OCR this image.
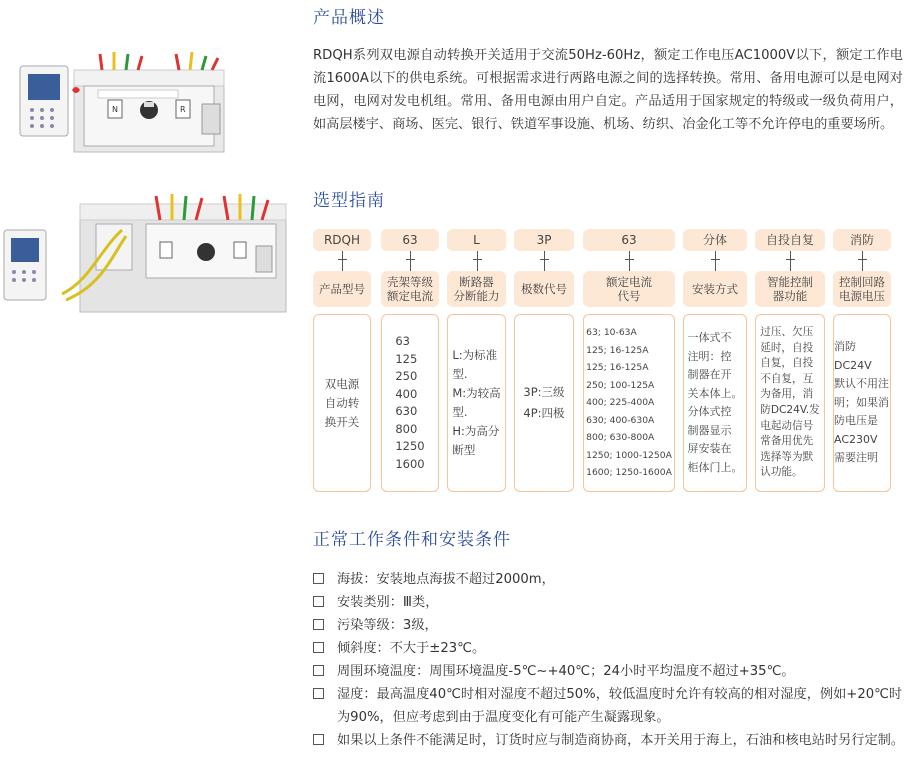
N	R
产品概述
RDQH系列双电源自动转换开关适用于交流50Hz-60Hz，额定工作电压AC1000V以下，额定工作电流1600A以下的供电系统。可根据需求进行两路电源之间的选择转换。常用、备用电源可以是电网对电网，电网对发电机组。常用、备用电源由用户自定。产品适用于国家规定的特级或一级负荷用户，如高层楼宇、商场、医完、银行、铁道军事设施、机场、纺织、冶金化工等不允许停电的重要场所。
选型指南
RDQH
产品型号
双电源
自动转
换开关
63
壳架等级
额定电流
63
125
250
400
630
800
1250
1600
L
断路器
分断能力
L:为标准
型.
M:为较高
型.
H:为高分
断型
3P
极数代号
3P:三级
4P:四极
63
额定电流
代号
63; 10-63A
125; 16-125A
125; 16-125A
250; 100-125A
400; 225-400A
630; 400-630A
800; 630-800A
1250; 1000-1250A
1600; 1250-1600A
分体
安装方式
一体式不
注明：控
制器在开
关本体上。
分体式控
制器显示
屏安装在
柜体门上。
自投自复
智能控制
器功能
过压、欠压
延时，自投
自复，自投
不自复，互
为备用，消
防DC24V.发
电起动信号
常备用优先
选择等为默
认功能。
消防
控制回路
电源电压
消防DC24V
默认不用注
明；如果消
防电压是
AC230V
需要注明
正常工作条件和安装条件
海拔：安装地点海拔不超过2000m，
安装类别：Ⅲ类，
污染等级：3级，
倾斜度：不大于±23℃。
周围环境温度：周围环境温度-5℃~+40℃；24小时平均温度不超过+35℃。
湿度：最高温度40℃时相对湿度不超过50%，较低温度时允许有较高的相对湿度，例如+20℃时为90%，但应考虑到由于温度变化有可能产生凝露现象。
如果以上条件不能满足时，订货时应与制造商协商，本开关用于海上，石油和核电站时另行定制。
